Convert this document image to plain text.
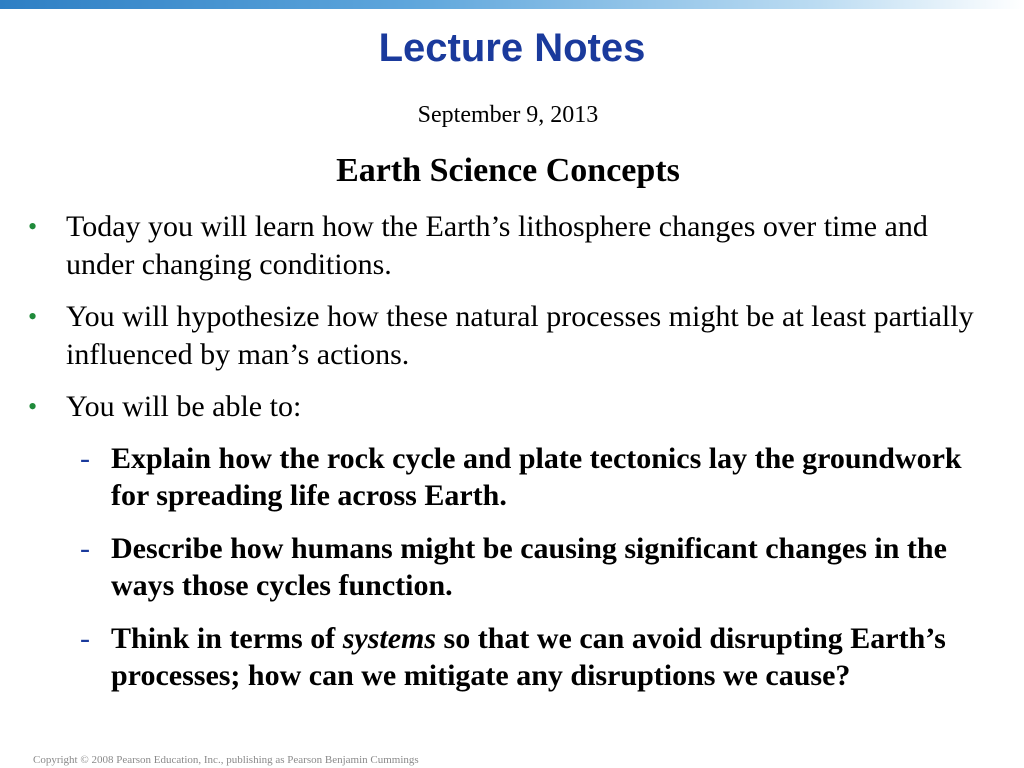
Lecture Notes
September 9, 2013
Earth Science Concepts
• Today you will learn how the Earth’s lithosphere changes over time and under changing conditions.
• You will hypothesize how these natural processes might be at least partially influenced by man’s actions.
• You will be able to:
- Explain how the rock cycle and plate tectonics lay the groundwork for spreading life across Earth.
- Describe how humans might be causing significant changes in the ways those cycles function.
- Think in terms of systems so that we can avoid disrupting Earth’s processes; how can we mitigate any disruptions we cause?
Copyright © 2008 Pearson Education, Inc., publishing as Pearson Benjamin Cummings
